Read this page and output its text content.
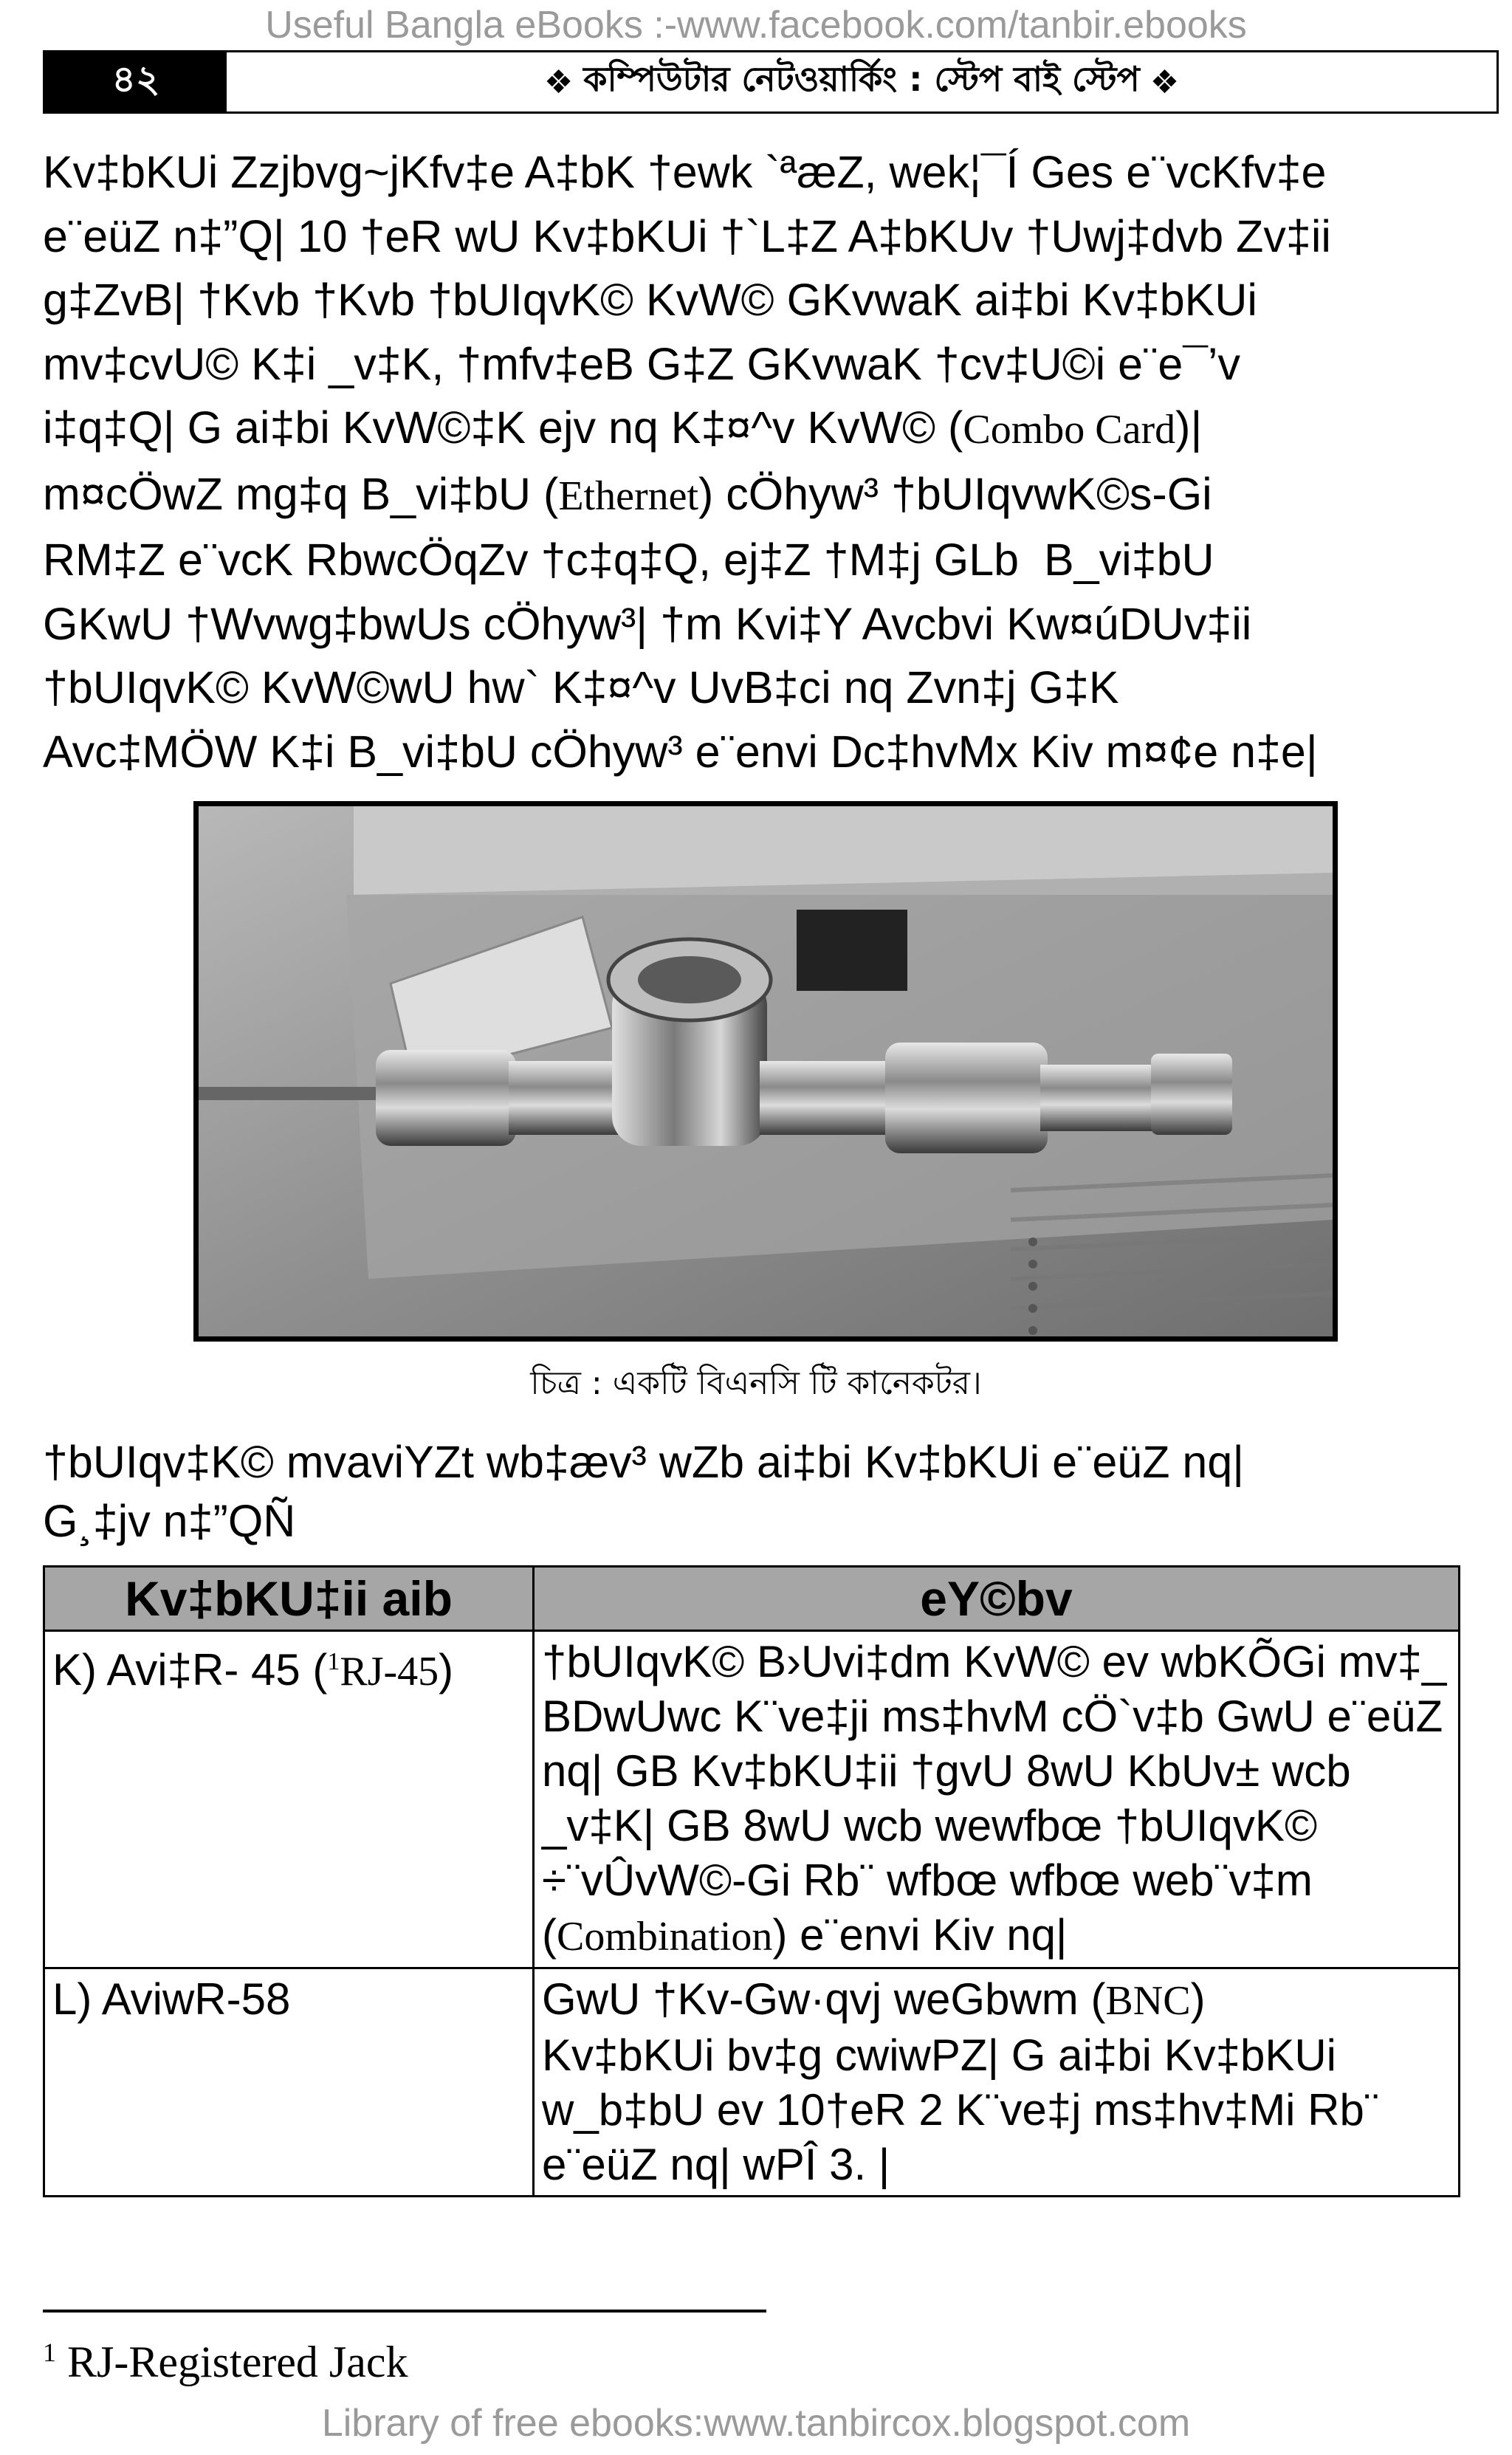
Useful Bangla eBooks :-www.facebook.com/tanbir.ebooks
৪২	❖ কম্পিউটার নেটওয়ার্কিং : স্টেপ বাই স্টেপ ❖

Kv‡bKUi Zzjbvg~jKfv‡e A‡bK †ewk `ªæZ, wek¦¯Í Ges e¨vcKfv‡e
e¨eüZ n‡”Q| 10 †eR wU Kv‡bKUi †`L‡Z A‡bKUv †Uwj‡dvb Zv‡ii
g‡ZvB| †Kvb †Kvb †bUIqvK© KvW© GKvwaK ai‡bi Kv‡bKUi
mv‡cvU© K‡i _v‡K, †mfv‡eB G‡Z GKvwaK †cv‡U©i e¨e¯’v
i‡q‡Q| G ai‡bi KvW©‡K ejv nq K‡¤^v KvW© (Combo Card)|
m¤cÖwZ mg‡q B_vi‡bU (Ethernet) cÖhyw³ †bUIqvwK©s-Gi
RM‡Z e¨vcK RbwcÖqZv †c‡q‡Q, ej‡Z †M‡j GLb  B_vi‡bU
GKwU †Wvwg‡bwUs cÖhyw³| †m Kvi‡Y Avcbvi Kw¤úDUv‡ii
†bUIqvK© KvW©wU hw` K‡¤^v UvB‡ci nq Zvn‡j G‡K
Avc‡MÖW K‡i B_vi‡bU cÖhyw³ e¨envi Dc‡hvMx Kiv m¤¢e n‡e|

চিত্র : একটি বিএনসি টি কানেকটর।

†bUIqv‡K© mvaviYZt wb‡æv³ wZb ai‡bi Kv‡bKUi e¨eüZ nq|
G¸‡jv n‡”QÑ

Kv‡bKU‡ii aib	eY©bv
K) Avi‡R- 45 ($^1$RJ-45)	†bUIqvK© B›Uvi‡dm KvW© ev wbKÕGi mv‡_ BDwUwc K¨ve‡ji ms‡hvM cÖ`v‡b GwU e¨eüZ nq| GB Kv‡bKU‡ii †gvU 8wU KbUv± wcb _v‡K| GB 8wU wcb wewfbœ †bUIqvK© ÷¨vÛvW©-Gi Rb¨ wfbœ wfbœ web¨v‡m (Combination) e¨envi Kiv nq|
L) AviwR-58	GwU †Kv-Gw·qvj weGbwm (BNC)
Kv‡bKUi bv‡g cwiwPZ| G ai‡bi Kv‡bKUi w_b‡bU ev 10†eR 2 K¨ve‡j ms‡hv‡Mi Rb¨ e¨eüZ nq| wPÎ 3. |
$^1$ RJ-Registered Jack
Library of free ebooks:www.tanbircox.blogspot.com
